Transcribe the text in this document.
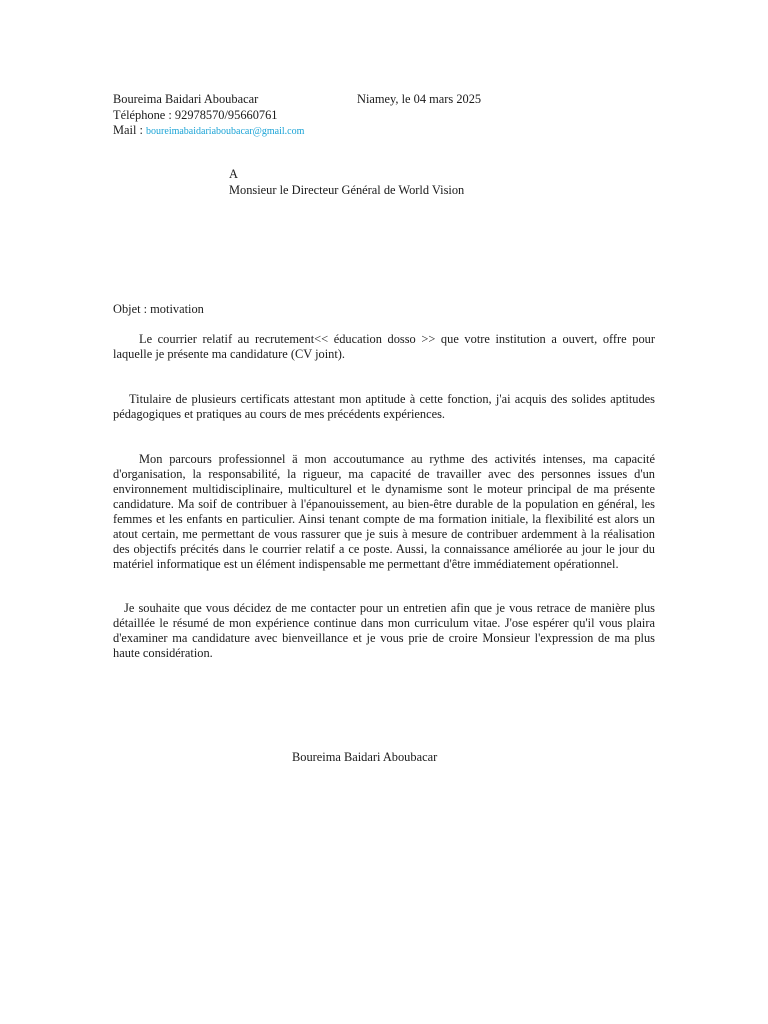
Boureima Baidari Aboubacar	Niamey, le 04 mars 2025

Téléphone : 92978570/95660761

Mail : boureimabaidariaboubacar@gmail.com

A

Monsieur le Directeur Général de World Vision

Objet : motivation

Le courrier relatif au recrutement<< éducation dosso >> que votre institution a ouvert, offre pour laquelle je présente ma candidature (CV joint).

Titulaire de plusieurs certificats attestant mon aptitude à cette fonction, j'ai acquis des solides aptitudes pédagogiques et pratiques au cours de mes précédents expériences.

Mon parcours professionnel ä mon accoutumance au rythme des activités intenses, ma capacité d'organisation, la responsabilité, la rigueur, ma capacité de travailler avec des personnes issues d'un environnement multidisciplinaire, multiculturel et le dynamisme sont le moteur principal de ma présente candidature. Ma soif de contribuer à l'épanouissement, au bien-être durable de la population en général, les femmes et les enfants en particulier. Ainsi tenant compte de ma formation initiale, la flexibilité est alors un atout certain, me permettant de vous rassurer que je suis à mesure de contribuer ardemment à la réalisation des objectifs précités dans le courrier relatif a ce poste. Aussi, la connaissance améliorée au jour le jour du matériel informatique est un élément indispensable me permettant d'être immédiatement opérationnel.

Je souhaite que vous décidez de me contacter pour un entretien afin que je vous retrace de manière plus détaillée le résumé de mon expérience continue dans mon curriculum vitae. J'ose espérer qu'il vous plaira d'examiner ma candidature avec bienveillance et je vous prie de croire Monsieur l'expression de ma plus haute considération.

Boureima Baidari Aboubacar
